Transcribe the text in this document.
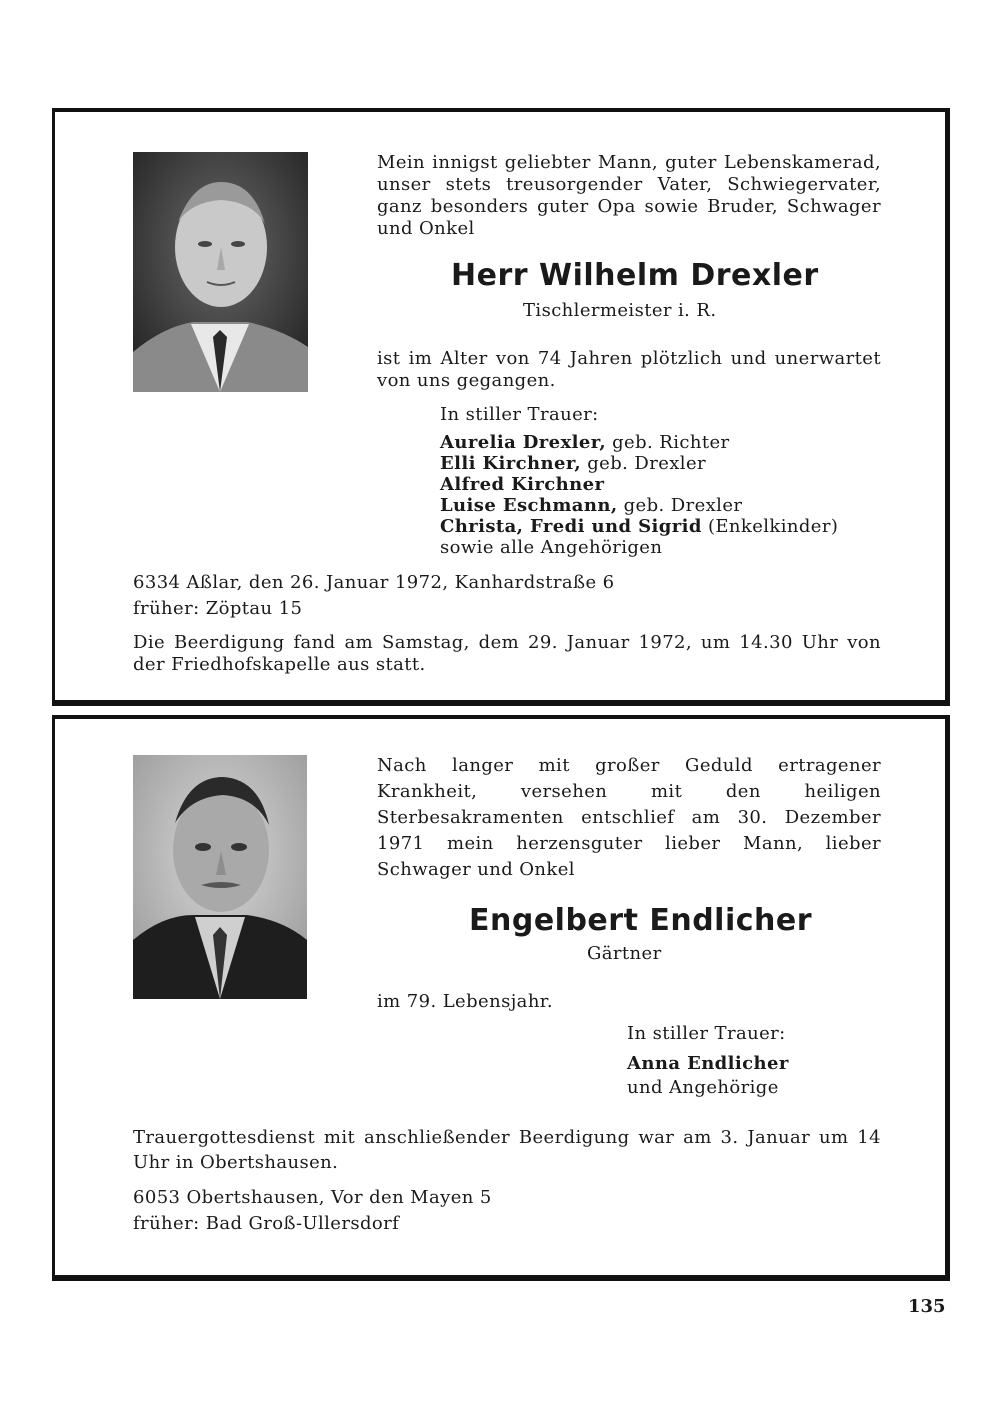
Mein innigst geliebter Mann, guter Lebenskamerad, unser stets treusorgender Vater, Schwiegervater, ganz besonders guter Opa sowie Bruder, Schwager und Onkel

Herr Wilhelm Drexler

Tischlermeister i. R.

ist im Alter von 74 Jahren plötzlich und unerwartet von uns gegangen.

In stiller Trauer:

Aurelia Drexler, geb. Richter
Elli Kirchner, geb. Drexler
Alfred Kirchner
Luise Eschmann, geb. Drexler
Christa, Fredi und Sigrid (Enkelkinder)
sowie alle Angehörigen

6334 Aßlar, den 26. Januar 1972, Kanhardstraße 6

früher: Zöptau 15

Die Beerdigung fand am Samstag, dem 29. Januar 1972, um 14.30 Uhr von der Friedhofskapelle aus statt.

Nach langer mit großer Geduld ertragener Krankheit, versehen mit den heiligen Sterbesakramenten entschlief am 30. Dezember 1971 mein herzensguter lieber Mann, lieber Schwager und Onkel

Engelbert Endlicher

Gärtner

im 79. Lebensjahr.

In stiller Trauer:

Anna Endlicher

und Angehörige

Trauergottesdienst mit anschließender Beerdigung war am 3. Januar um 14 Uhr in Obertshausen.

6053 Obertshausen, Vor den Mayen 5

früher: Bad Groß-Ullersdorf

135
